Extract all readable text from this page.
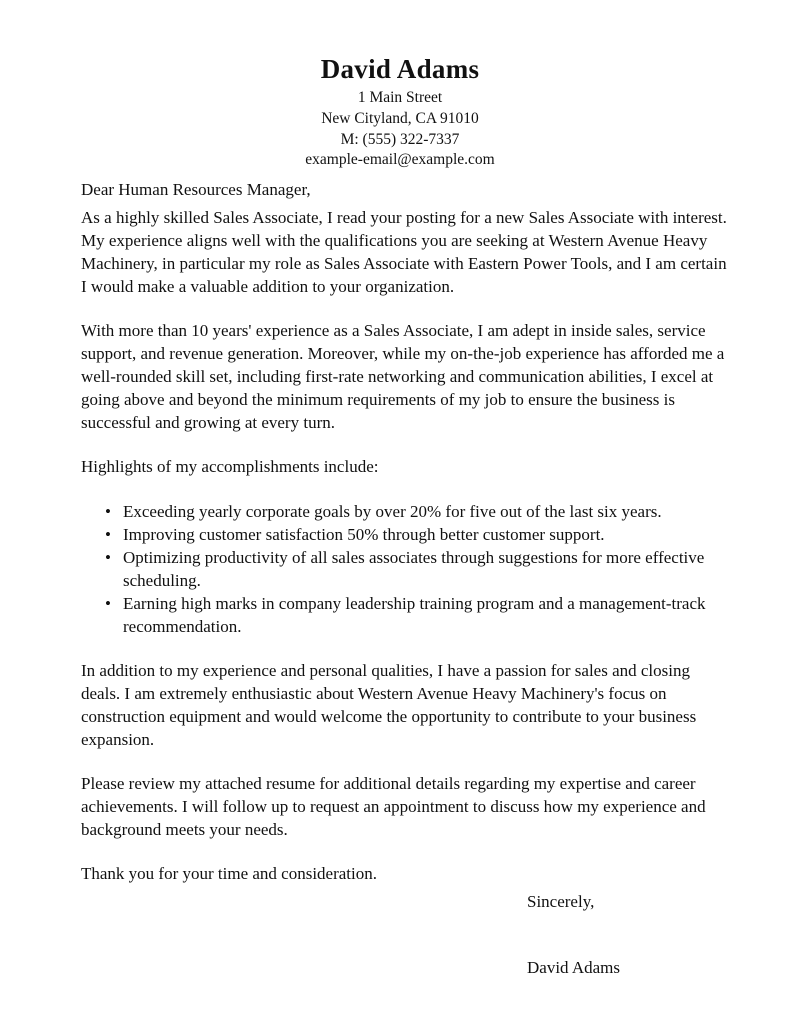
David Adams
1 Main Street
New Cityland, CA 91010
M: (555) 322-7337
example-email@example.com

Dear Human Resources Manager,

As a highly skilled Sales Associate, I read your posting for a new Sales Associate with interest. My experience aligns well with the qualifications you are seeking at Western Avenue Heavy Machinery, in particular my role as Sales Associate with Eastern Power Tools, and I am certain I would make a valuable addition to your organization.

With more than 10 years' experience as a Sales Associate, I am adept in inside sales, service support, and revenue generation. Moreover, while my on-the-job experience has afforded me a well-rounded skill set, including first-rate networking and communication abilities, I excel at going above and beyond the minimum requirements of my job to ensure the business is successful and growing at every turn.

Highlights of my accomplishments include:

• Exceeding yearly corporate goals by over 20% for five out of the last six years.
• Improving customer satisfaction 50% through better customer support.
• Optimizing productivity of all sales associates through suggestions for more effective scheduling.
• Earning high marks in company leadership training program and a management-track recommendation.

In addition to my experience and personal qualities, I have a passion for sales and closing deals. I am extremely enthusiastic about Western Avenue Heavy Machinery's focus on construction equipment and would welcome the opportunity to contribute to your business expansion.

Please review my attached resume for additional details regarding my expertise and career achievements. I will follow up to request an appointment to discuss how my experience and background meets your needs.

Thank you for your time and consideration.

Sincerely,

David Adams
